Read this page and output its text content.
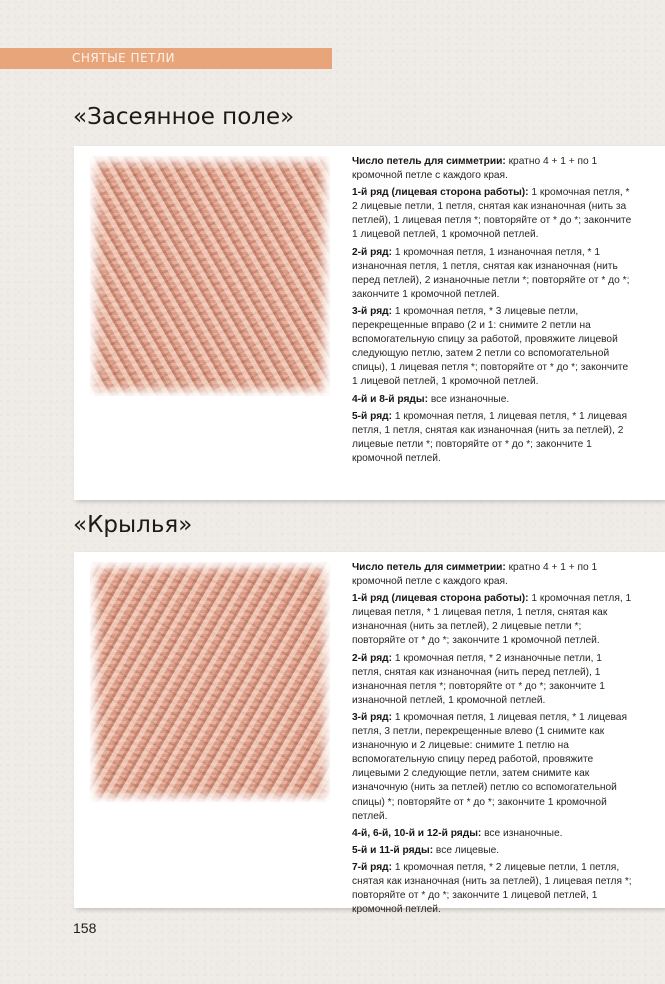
СНЯТЫЕ ПЕТЛИ
«Засеянное поле»

Число петель для симметрии: кратно 4 + 1 + по 1 кромочной петле с каждого края.

1-й ряд (лицевая сторона работы): 1 кромочная петля, * 2 лицевые петли, 1 петля, снятая как изнаночная (нить за петлей), 1 лицевая петля *; повторяйте от * до *; закончите 1 лицевой петлей, 1 кромочной петлей.

2-й ряд: 1 кромочная петля, 1 изнаночная петля, * 1 изнаночная петля, 1 петля, снятая как изнаночная (нить перед петлей), 2 изнаночные петли *; повторяйте от * до *; закончите 1 кромочной петлей.

3-й ряд: 1 кромочная петля, * 3 лицевые петли, перекрещенные вправо (2 и 1: снимите 2 петли на вспомогательную спицу за работой, провяжите лицевой следующую петлю, затем 2 петли со вспомогательной спицы), 1 лицевая петля *; повторяйте от * до *; закончите 1 лицевой петлей, 1 кромочной петлей.

4-й и 8-й ряды: все изнаночные.

5-й ряд: 1 кромочная петля, 1 лицевая петля, * 1 лицевая петля, 1 петля, снятая как изнаночная (нить за петлей), 2 лицевые петли *; повторяйте от * до *; закончите 1 кромочной петлей.

«Крылья»

Число петель для симметрии: кратно 4 + 1 + по 1 кромочной петле с каждого края.

1-й ряд (лицевая сторона работы): 1 кромочная петля, 1 лицевая петля, * 1 лицевая петля, 1 петля, снятая как изнаночная (нить за петлей), 2 лицевые петли *; повторяйте от * до *; закончите 1 кромочной петлей.

2-й ряд: 1 кромочная петля, * 2 изнаночные петли, 1 петля, снятая как изнаночная (нить перед петлей), 1 изнаночная петля *; повторяйте от * до *; закончите 1 изнаночной петлей, 1 кромочной петлей.

3-й ряд: 1 кромочная петля, 1 лицевая петля, * 1 лицевая петля, 3 петли, перекрещенные влево (1 снимите как изнаночную и 2 лицевые: снимите 1 петлю на вспомогательную спицу перед работой, провяжите лицевыми 2 следующие петли, затем снимите как изначочную (нить за петлей) петлю со вспомогательной спицы) *; повторяйте от * до *; закончите 1 кромочной петлей.

4-й, 6-й, 10-й и 12-й ряды: все изнаночные.

5-й и 11-й ряды: все лицевые.

7-й ряд: 1 кромочная петля, * 2 лицевые петли, 1 петля, снятая как изнаночная (нить за петлей), 1 лицевая петля *; повторяйте от * до *; закончите 1 лицевой петлей, 1 кромочной петлей.

158
